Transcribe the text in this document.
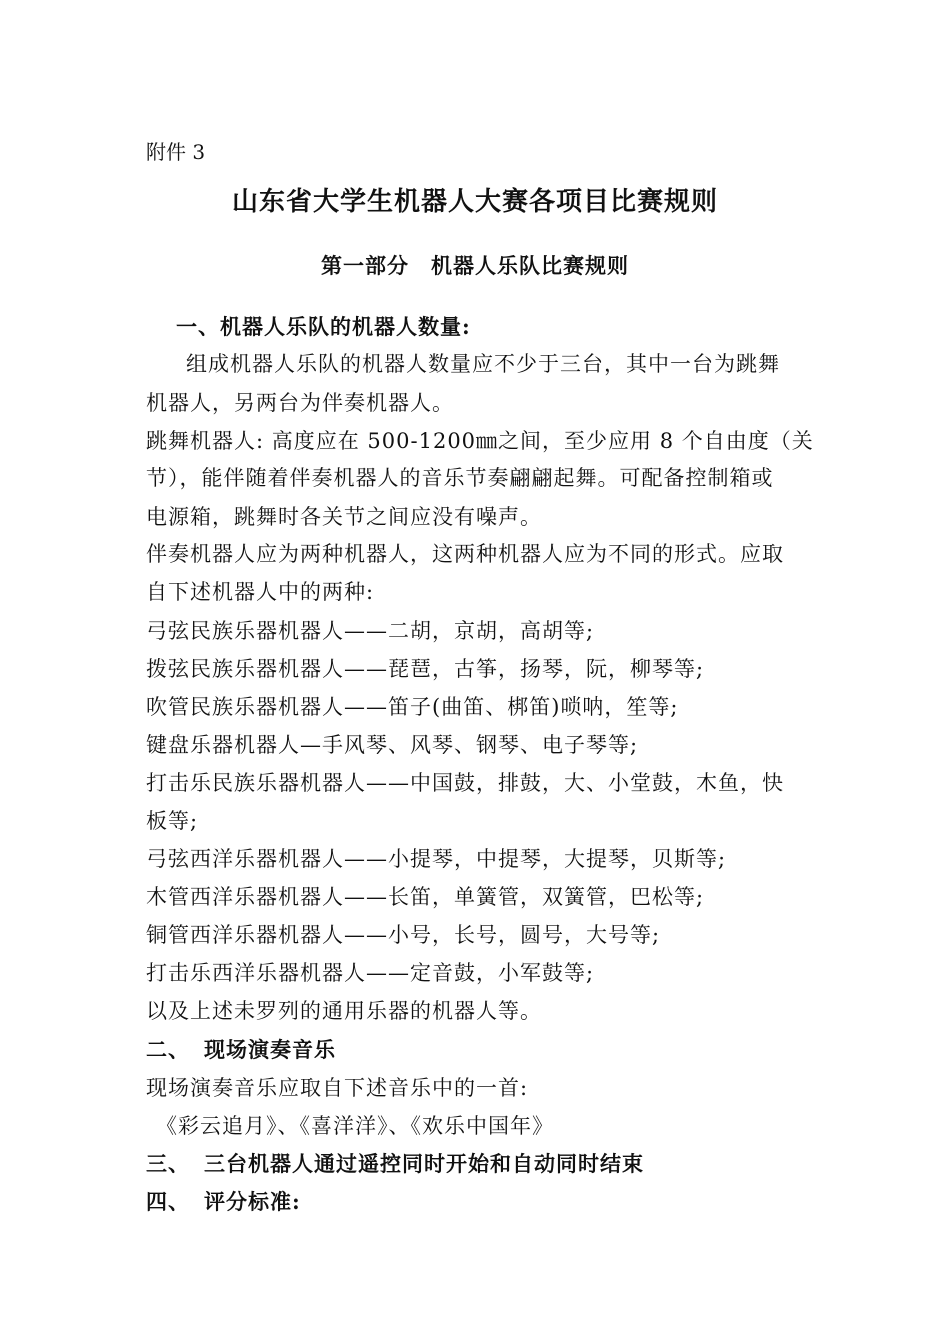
附件 3
山东省大学生机器人大赛各项目比赛规则
第一部分 机器人乐队比赛规则
一、机器人乐队的机器人数量:
组成机器人乐队的机器人数量应不少于三台，其中一台为跳舞
机器人，另两台为伴奏机器人。
跳舞机器人: 高度应在 500-1200㎜之间，至少应用 8 个自由度（关
节），能伴随着伴奏机器人的音乐节奏翩翩起舞。可配备控制箱或
电源箱，跳舞时各关节之间应没有噪声。
伴奏机器人应为两种机器人，这两种机器人应为不同的形式。应取
自下述机器人中的两种:
弓弦民族乐器机器人——二胡，京胡，高胡等;
拨弦民族乐器机器人——琵琶，古筝，扬琴，阮，柳琴等;
吹管民族乐器机器人——笛子(曲笛、梆笛)唢呐，笙等;
键盘乐器机器人—手风琴、风琴、钢琴、电子琴等;
打击乐民族乐器机器人——中国鼓，排鼓，大、小堂鼓，木鱼，快
板等;
弓弦西洋乐器机器人——小提琴，中提琴，大提琴，贝斯等;
木管西洋乐器机器人——长笛，单簧管，双簧管，巴松等;
铜管西洋乐器机器人——小号，长号，圆号，大号等;
打击乐西洋乐器机器人——定音鼓，小军鼓等;
以及上述未罗列的通用乐器的机器人等。
二、 现场演奏音乐
现场演奏音乐应取自下述音乐中的一首:
《彩云追月》、《喜洋洋》、《欢乐中国年》
三、 三台机器人通过遥控同时开始和自动同时结束
四、 评分标准:
